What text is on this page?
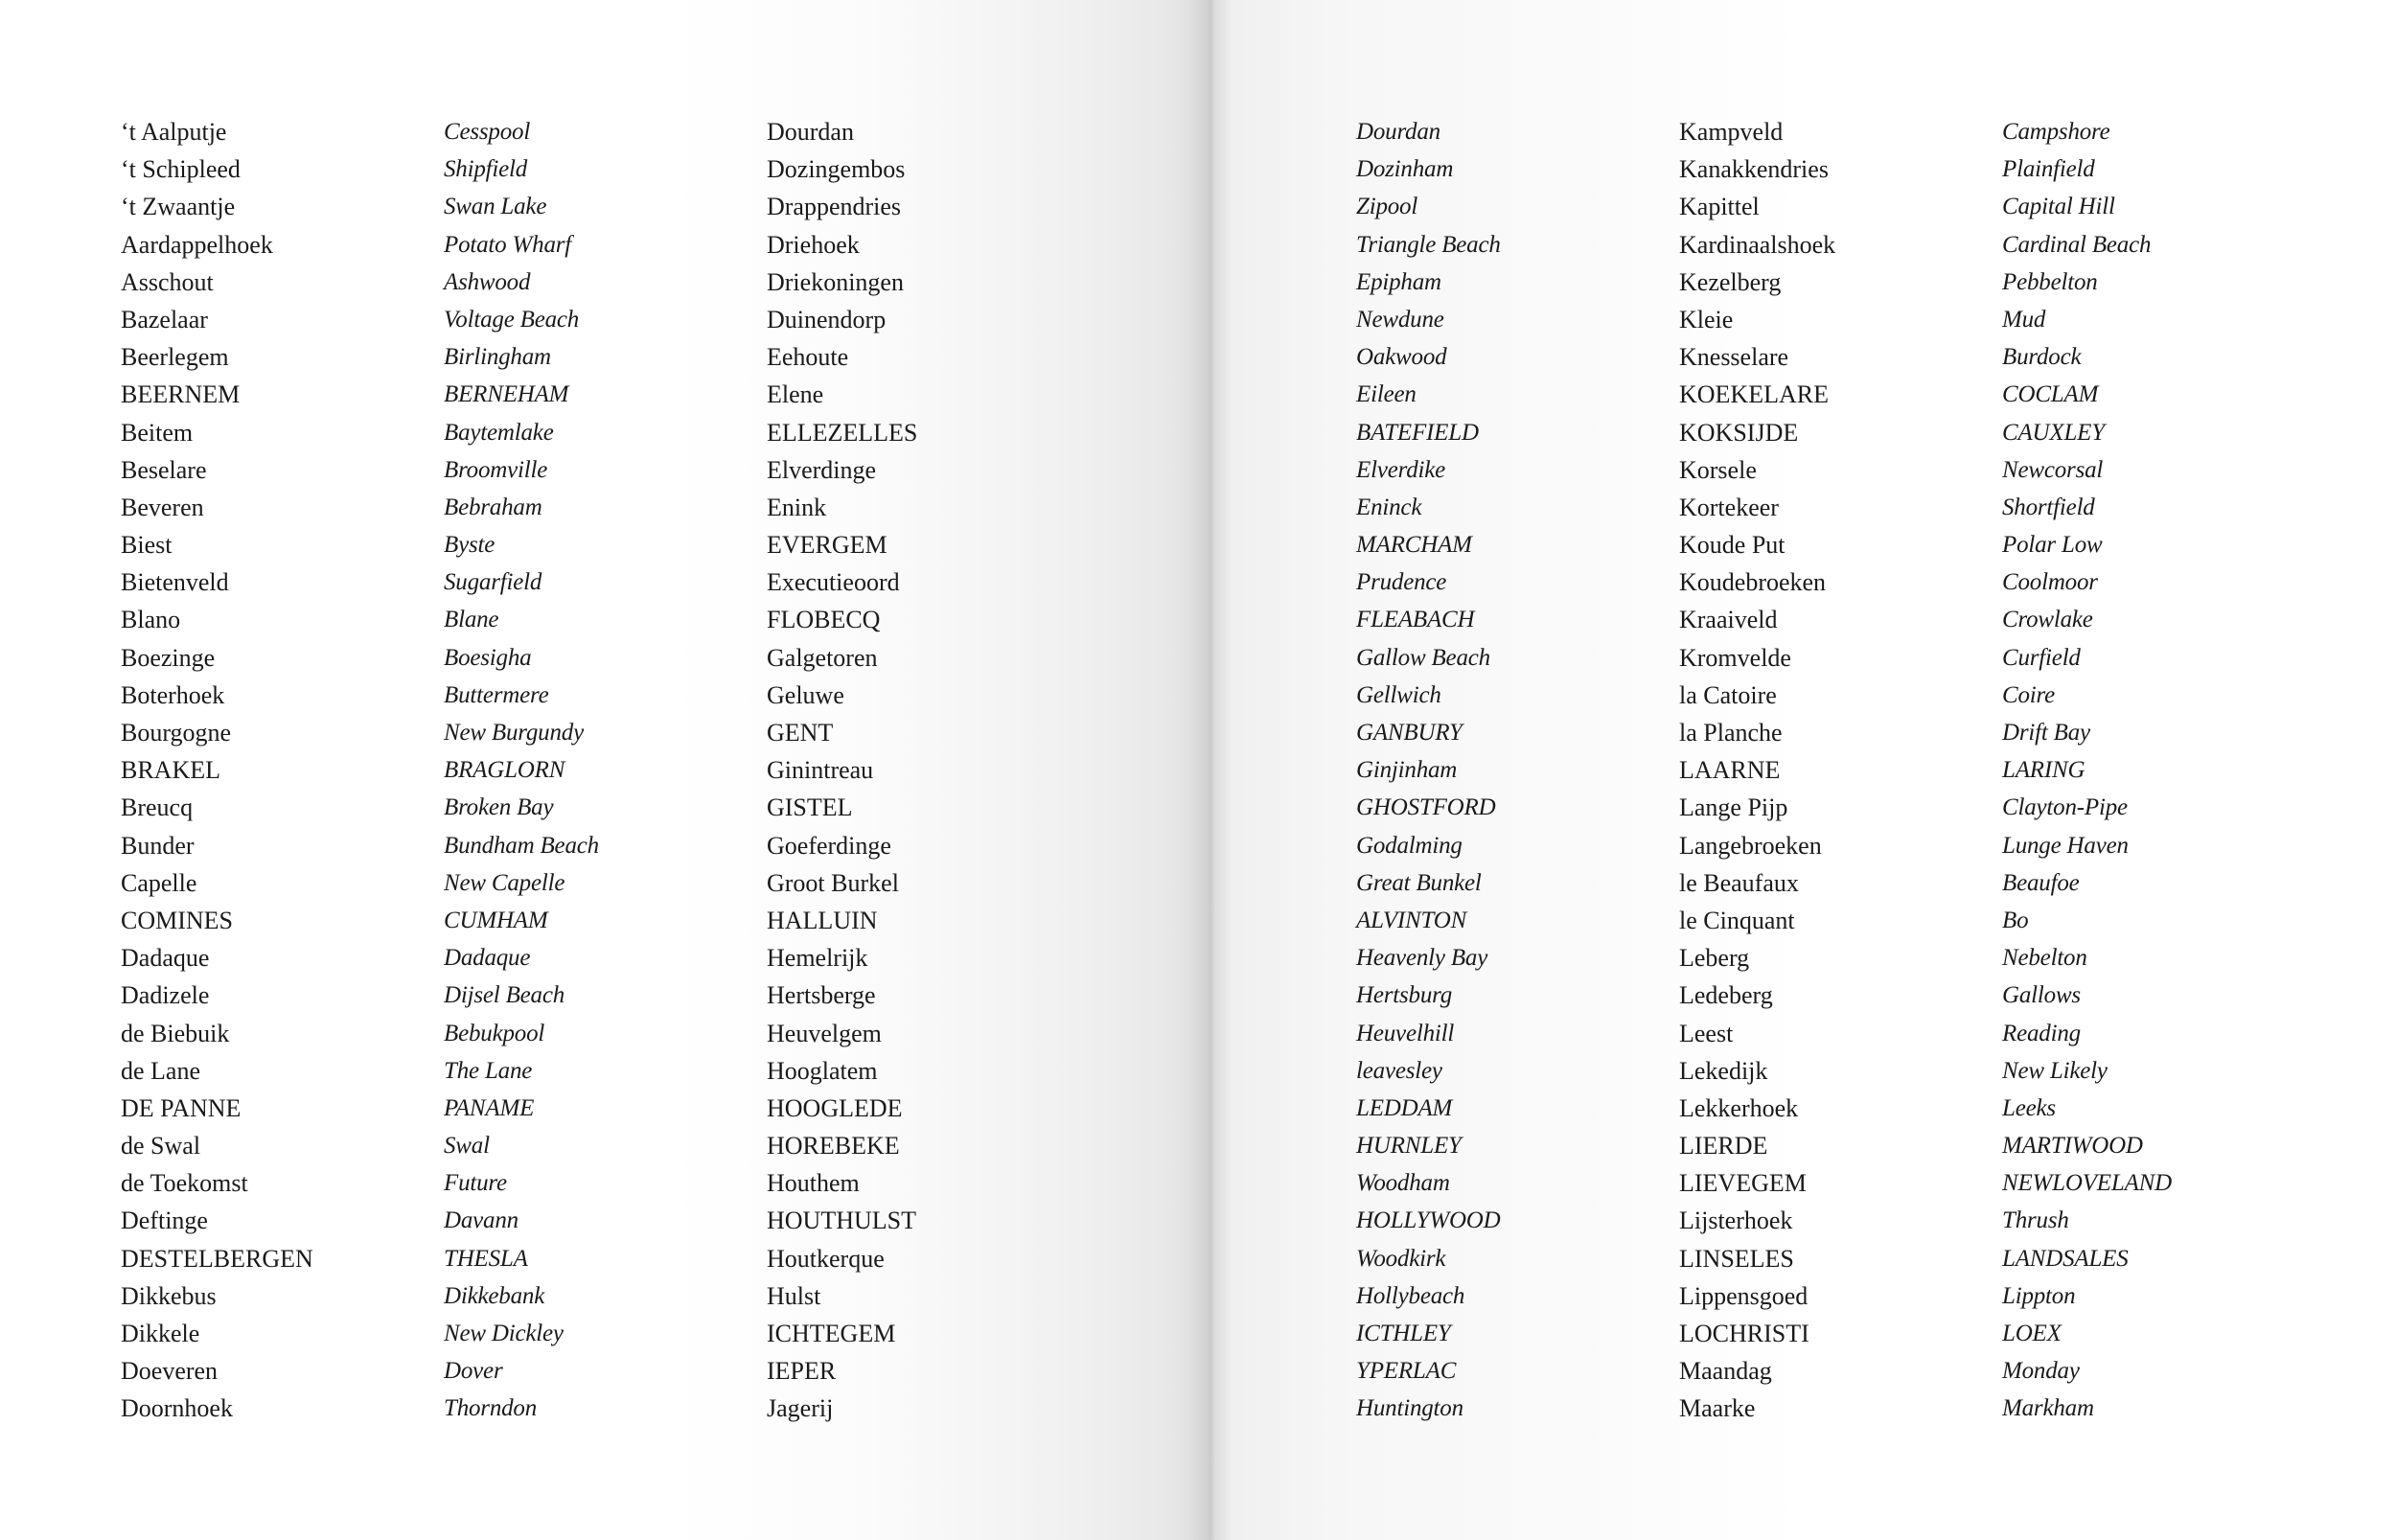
‘t Aalputje
‘t Schipleed
‘t Zwaantje
Aardappelhoek
Asschout
Bazelaar
Beerlegem
BEERNEM
Beitem
Beselare
Beveren
Biest
Bietenveld
Blano
Boezinge
Boterhoek
Bourgogne
BRAKEL
Breucq
Bunder
Capelle
COMINES
Dadaque
Dadizele
de Biebuik
de Lane
DE PANNE
de Swal
de Toekomst
Deftinge
DESTELBERGEN
Dikkebus
Dikkele
Doeveren
Doornhoek
Cesspool
Shipfield
Swan Lake
Potato Wharf
Ashwood
Voltage Beach
Birlingham
BERNEHAM
Baytemlake
Broomville
Bebraham
Byste
Sugarfield
Blane
Boesigha
Buttermere
New Burgundy
BRAGLORN
Broken Bay
Bundham Beach
New Capelle
CUMHAM
Dadaque
Dijsel Beach
Bebukpool
The Lane
PANAME
Swal
Future
Davann
THESLA
Dikkebank
New Dickley
Dover
Thorndon
Dourdan
Dozingembos
Drappendries
Driehoek
Driekoningen
Duinendorp
Eehoute
Elene
ELLEZELLES
Elverdinge
Enink
EVERGEM
Executieoord
FLOBECQ
Galgetoren
Geluwe
GENT
Ginintreau
GISTEL
Goeferdinge
Groot Burkel
HALLUIN
Hemelrijk
Hertsberge
Heuvelgem
Hooglatem
HOOGLEDE
HOREBEKE
Houthem
HOUTHULST
Houtkerque
Hulst
ICHTEGEM
IEPER
Jagerij
Dourdan
Dozinham
Zipool
Triangle Beach
Epipham
Newdune
Oakwood
Eileen
BATEFIELD
Elverdike
Eninck
MARCHAM
Prudence
FLEABACH
Gallow Beach
Gellwich
GANBURY
Ginjinham
GHOSTFORD
Godalming
Great Bunkel
ALVINTON
Heavenly Bay
Hertsburg
Heuvelhill
leavesley
LEDDAM
HURNLEY
Woodham
HOLLYWOOD
Woodkirk
Hollybeach
ICTHLEY
YPERLAC
Huntington
Kampveld
Kanakkendries
Kapittel
Kardinaalshoek
Kezelberg
Kleie
Knesselare
KOEKELARE
KOKSIJDE
Korsele
Kortekeer
Koude Put
Koudebroeken
Kraaiveld
Kromvelde
la Catoire
la Planche
LAARNE
Lange Pijp
Langebroeken
le Beaufaux
le Cinquant
Leberg
Ledeberg
Leest
Lekedijk
Lekkerhoek
LIERDE
LIEVEGEM
Lijsterhoek
LINSELES
Lippensgoed
LOCHRISTI
Maandag
Maarke
Campshore
Plainfield
Capital Hill
Cardinal Beach
Pebbelton
Mud
Burdock
COCLAM
CAUXLEY
Newcorsal
Shortfield
Polar Low
Coolmoor
Crowlake
Curfield
Coire
Drift Bay
LARING
Clayton-Pipe
Lunge Haven
Beaufoe
Bo
Nebelton
Gallows
Reading
New Likely
Leeks
MARTIWOOD
NEWLOVELAND
Thrush
LANDSALES
Lippton
LOEX
Monday
Markham
